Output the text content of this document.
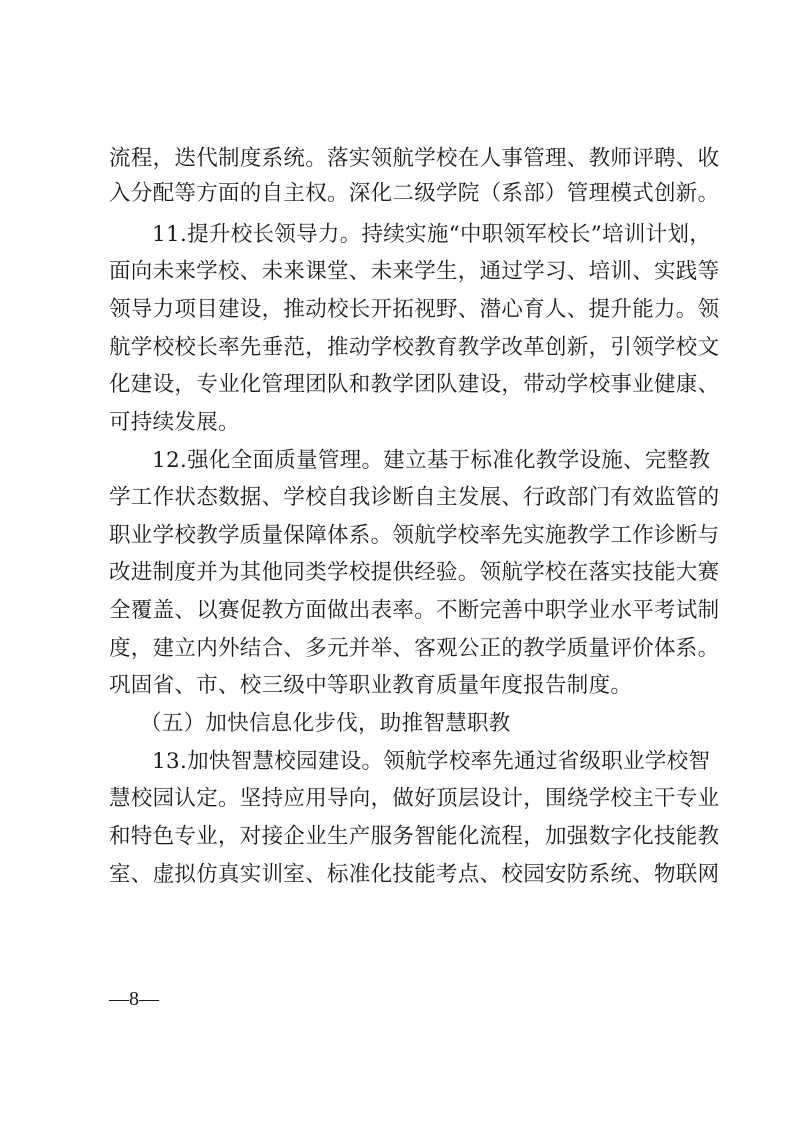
流程，迭代制度系统。落实领航学校在人事管理、教师评聘、收
入分配等方面的自主权。深化二级学院（系部）管理模式创新。
11.提升校长领导力。持续实施“中职领军校长”培训计划，
面向未来学校、未来课堂、未来学生，通过学习、培训、实践等
领导力项目建设，推动校长开拓视野、潜心育人、提升能力。领
航学校校长率先垂范，推动学校教育教学改革创新，引领学校文
化建设，专业化管理团队和教学团队建设，带动学校事业健康、
可持续发展。
12.强化全面质量管理。建立基于标准化教学设施、完整教
学工作状态数据、学校自我诊断自主发展、行政部门有效监管的
职业学校教学质量保障体系。领航学校率先实施教学工作诊断与
改进制度并为其他同类学校提供经验。领航学校在落实技能大赛
全覆盖、以赛促教方面做出表率。不断完善中职学业水平考试制
度，建立内外结合、多元并举、客观公正的教学质量评价体系。
巩固省、市、校三级中等职业教育质量年度报告制度。
（五）加快信息化步伐，助推智慧职教
13.加快智慧校园建设。领航学校率先通过省级职业学校智
慧校园认定。坚持应用导向，做好顶层设计，围绕学校主干专业
和特色专业，对接企业生产服务智能化流程，加强数字化技能教
室、虚拟仿真实训室、标准化技能考点、校园安防系统、物联网
—8—
